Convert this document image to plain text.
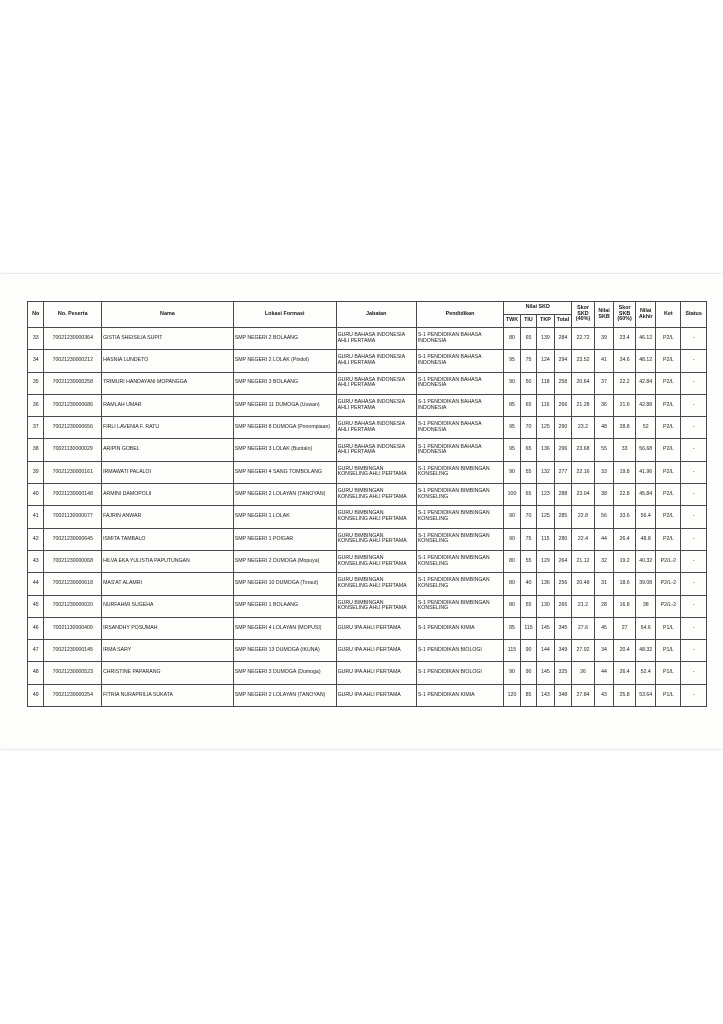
No	No. Peserta	Nama	Lokasi Formasi	Jabatan	Pendidikan	Nilai SKD				Skor SKD (40%)	Nilai SKB	Skor SKB (60%)	Nilai Akhir	Ket	Status
						TWK	TIU	TKP	Total						
33	70021230000364	GISTIA SHEISILIA SUPIT	SMP NEGERI 2 BOLAANG	GURU BAHASA INDONESIA AHLI PERTAMA	S-1 PENDIDIKAN BAHASA INDONESIA	80	65	139	284	22.72	39	23.4	46.12	P2/L	-
34	70021230000212	HASNIA LUNDETO	SMP NEGERI 2 LOLAK (Pindol)	GURU BAHASA INDONESIA AHLI PERTAMA	S-1 PENDIDIKAN BAHASA INDONESIA	95	75	124	294	23.52	41	24.6	48.12	P2/L	-
35	70021230000258	TRIMURI HANDAYANI MOPANGGA	SMP NEGERI 3 BOLAANG	GURU BAHASA INDONESIA AHLI PERTAMA	S-1 PENDIDIKAN BAHASA INDONESIA	90	50	118	258	20.64	37	22.2	42.84	P2/L	-
36	70021230000686	RAMLAH UMAR	SMP NEGERI 11 DUMOGA (Uuwan)	GURU BAHASA INDONESIA AHLI PERTAMA	S-1 PENDIDIKAN BAHASA INDONESIA	85	65	116	266	21.28	36	21.6	42.88	P2/L	-
37	70021230000656	FIRLI LAVENIA F. RATU	SMP NEGERI 8 DUMOGA (Ponompiaan)	GURU BAHASA INDONESIA AHLI PERTAMA	S-1 PENDIDIKAN BAHASA INDONESIA	95	70	125	290	23.2	48	28.8	52	P2/L	-
38	70021130000029	ARIPIN GOBEL	SMP NEGERI 3 LOLAK (Buntalo)	GURU BAHASA INDONESIA AHLI PERTAMA	S-1 PENDIDIKAN BAHASA INDONESIA	95	65	136	296	23.68	55	33	56.68	P2/L	-
39	70021230000161	IRMAWATI PALALOI	SMP NEGERI 4 SANG TOMBOLANG	GURU BIMBINGAN KONSELING AHLI PERTAMA	S-1 PENDIDIKAN BIMBINGAN KONSELING	90	55	132	277	22.16	33	19.8	41.96	P2/L	-
40	70021230000148	ARMINI DAMOPOLII	SMP NEGERI 2 LOLAYAN (TANOYAN)	GURU BIMBINGAN KONSELING AHLI PERTAMA	S-1 PENDIDIKAN BIMBINGAN KONSELING	100	65	123	288	23.04	38	22.8	45.84	P2/L	-
41	70021130000077	FAJRIN ANWAR	SMP NEGERI 1 LOLAK	GURU BIMBINGAN KONSELING AHLI PERTAMA	S-1 PENDIDIKAN BIMBINGAN KONSELING	90	70	125	285	22.8	56	33.6	56.4	P2/L	-
42	70021230000645	ISMITA TAMBALO	SMP NEGERI 1 POIGAR	GURU BIMBINGAN KONSELING AHLI PERTAMA	S-1 PENDIDIKAN BIMBINGAN KONSELING	90	75	115	280	22.4	44	26.4	48.8	P2/L	-
43	70021230000068	HILVA EKA YULISTIA PAPUTUNGAN	SMP NEGERI 2 DUMOGA (Mopuya)	GURU BIMBINGAN KONSELING AHLI PERTAMA	S-1 PENDIDIKAN BIMBINGAN KONSELING	80	55	129	264	21.12	32	19.2	40.32	P2/L-2	-
44	70021230000618	MAS'AT ALAMRI	SMP NEGERI 10 DUMOGA (Toraut)	GURU BIMBINGAN KONSELING AHLI PERTAMA	S-1 PENDIDIKAN BIMBINGAN KONSELING	80	40	136	256	20.48	31	18.6	39.08	P2/L-2	-
45	70021230000020	NURFAHMI SUGEHA	SMP NEGERI 1 BOLAANG	GURU BIMBINGAN KONSELING AHLI PERTAMA	S-1 PENDIDIKAN BIMBINGAN KONSELING	80	55	130	265	21.2	28	16.8	38	P2/L-2	-
46	70021130000409	IRSANDHY POSUMAH	SMP NEGERI 4 LOLAYAN (MOPUSI)	GURU IPA AHLI PERTAMA	S-1 PENDIDIKAN KIMIA	85	115	145	345	27.6	45	27	54.6	P1/L	-
47	70021230000145	IRMA SARY	SMP NEGERI 13 DUMOGA (IKUNA)	GURU IPA AHLI PERTAMA	S-1 PENDIDIKAN BIOLOGI	115	90	144	349	27.92	34	20.4	48.32	P1/L	-
48	70021230000523	CHRISTINE PAPARANG	SMP NEGERI 3 DUMOGA (Dumoga)	GURU IPA AHLI PERTAMA	S-1 PENDIDIKAN BIOLOGI	90	90	145	325	26	44	26.4	52.4	P1/L	-
49	70021230000254	FITRIA NURAPRILIA SUKATA	SMP NEGERI 2 LOLAYAN (TANOYAN)	GURU IPA AHLI PERTAMA	S-1 PENDIDIKAN KIMIA	120	85	143	348	27.84	43	25.8	53.64	P1/L	-
